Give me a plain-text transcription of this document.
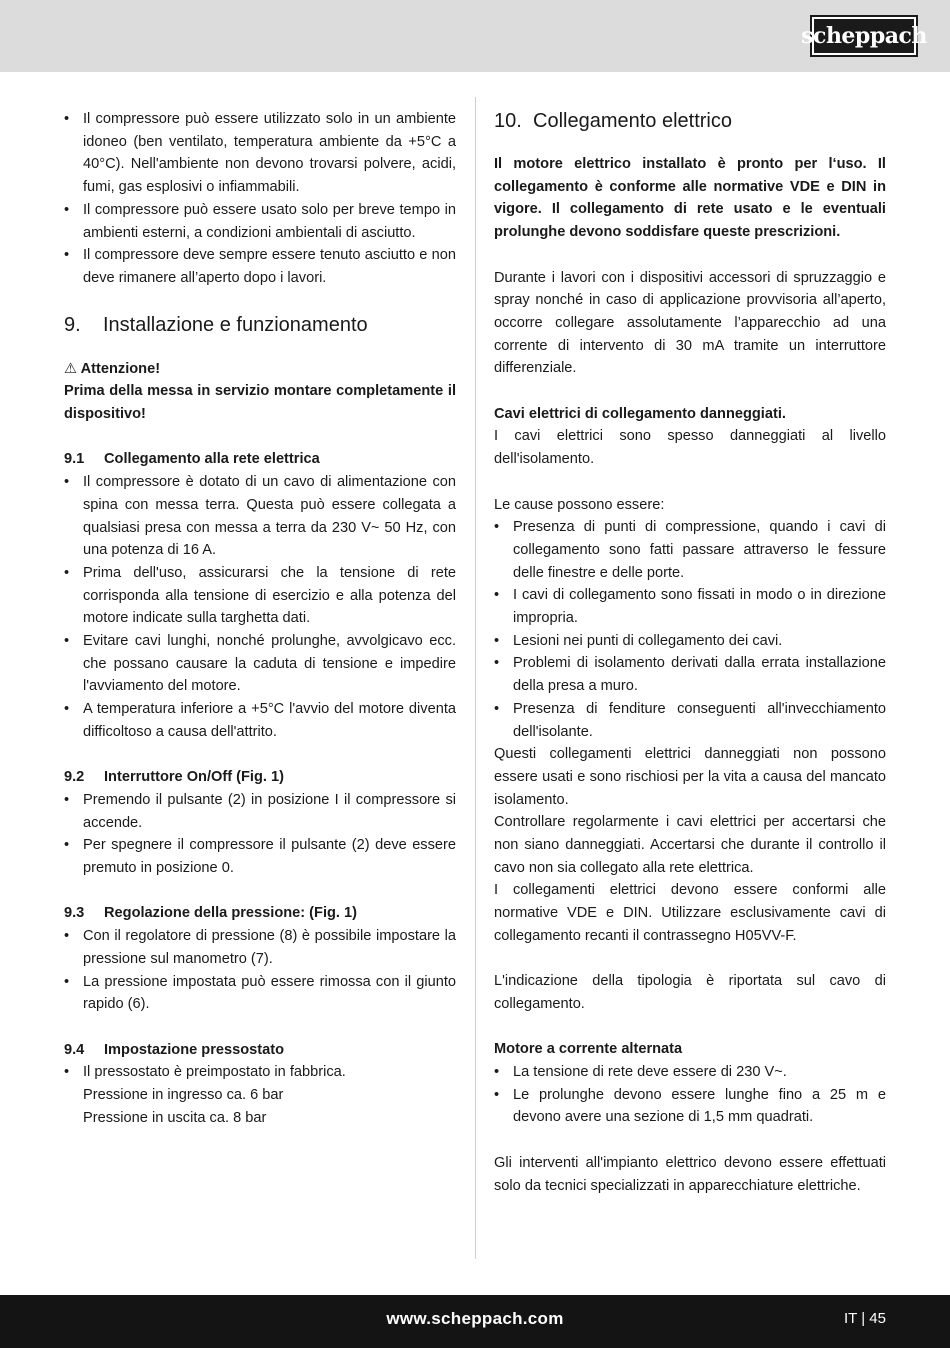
scheppach
• Il compressore può essere utilizzato solo in un ambiente idoneo (ben ventilato, temperatura ambiente da +5°C a 40°C). Nell'ambiente non devono trovarsi polvere, acidi, fumi, gas esplosivi o infiammabili.
• Il compressore può essere usato solo per breve tempo in ambienti esterni, a condizioni ambientali di asciutto.
• Il compressore deve sempre essere tenuto asciutto e non deve rimanere all’aperto dopo i lavori.
9.	Installazione e funzionamento

⚠ Attenzione!

Prima della messa in servizio montare completamente il dispositivo!

9.1 Collegamento alla rete elettrica

• Il compressore è dotato di un cavo di alimentazione con spina con messa terra. Questa può essere collegata a qualsiasi presa con messa a terra da 230 V~ 50 Hz, con una potenza di 16 A.
• Prima dell'uso, assicurarsi che la tensione di rete corrisponda alla tensione di esercizio e alla potenza del motore indicate sulla targhetta dati.
• Evitare cavi lunghi, nonché prolunghe, avvolgicavo ecc. che possano causare la caduta di tensione e impedire l'avviamento del motore.
• A temperatura inferiore a +5°C l'avvio del motore diventa difficoltoso a causa dell'attrito.

9.2 Interruttore On/Off (Fig. 1)

• Premendo il pulsante (2) in posizione I il compressore si accende.
• Per spegnere il compressore il pulsante (2) deve essere premuto in posizione 0.

9.3 Regolazione della pressione: (Fig. 1)

• Con il regolatore di pressione (8) è possibile impostare la pressione sul manometro (7).
• La pressione impostata può essere rimossa con il giunto rapido (6).

9.4 Impostazione pressostato

• Il pressostato è preimpostato in fabbrica.

Pressione in ingresso ca. 6 bar

Pressione in uscita ca. 8 bar

10. Collegamento elettrico

Il motore elettrico installato è pronto per l‘uso. Il collegamento è conforme alle normative VDE e DIN in vigore. Il collegamento di rete usato e le eventuali prolunghe devono soddisfare queste prescrizioni.

Durante i lavori con i dispositivi accessori di spruzzaggio e spray nonché in caso di applicazione provvisoria all’aperto, occorre collegare assolutamente l’apparecchio ad una corrente di intervento di 30 mA tramite un interruttore differenziale.

Cavi elettrici di collegamento danneggiati.

I cavi elettrici sono spesso danneggiati al livello dell'isolamento.

Le cause possono essere:

• Presenza di punti di compressione, quando i cavi di collegamento sono fatti passare attraverso le fessure delle finestre e delle porte.
• I cavi di collegamento sono fissati in modo o in direzione impropria.
• Lesioni nei punti di collegamento dei cavi.
• Problemi di isolamento derivati dalla errata installazione della presa a muro.
• Presenza di fenditure conseguenti all'invecchiamento dell'isolante.

Questi collegamenti elettrici danneggiati non possono essere usati e sono rischiosi per la vita a causa del mancato isolamento.

Controllare regolarmente i cavi elettrici per accertarsi che non siano danneggiati. Accertarsi che durante il controllo il cavo non sia collegato alla rete elettrica.

I collegamenti elettrici devono essere conformi alle normative VDE e DIN. Utilizzare esclusivamente cavi di collegamento recanti il contrassegno H05VV-F.

L'indicazione della tipologia è riportata sul cavo di collegamento.

Motore a corrente alternata

• La tensione di rete deve essere di 230 V~.
• Le prolunghe devono essere lunghe fino a 25 m e devono avere una sezione di 1,5 mm quadrati.

Gli interventi all'impianto elettrico devono essere effettuati solo da tecnici specializzati in apparecchiature elettriche.

www.scheppach.com	IT | 45
